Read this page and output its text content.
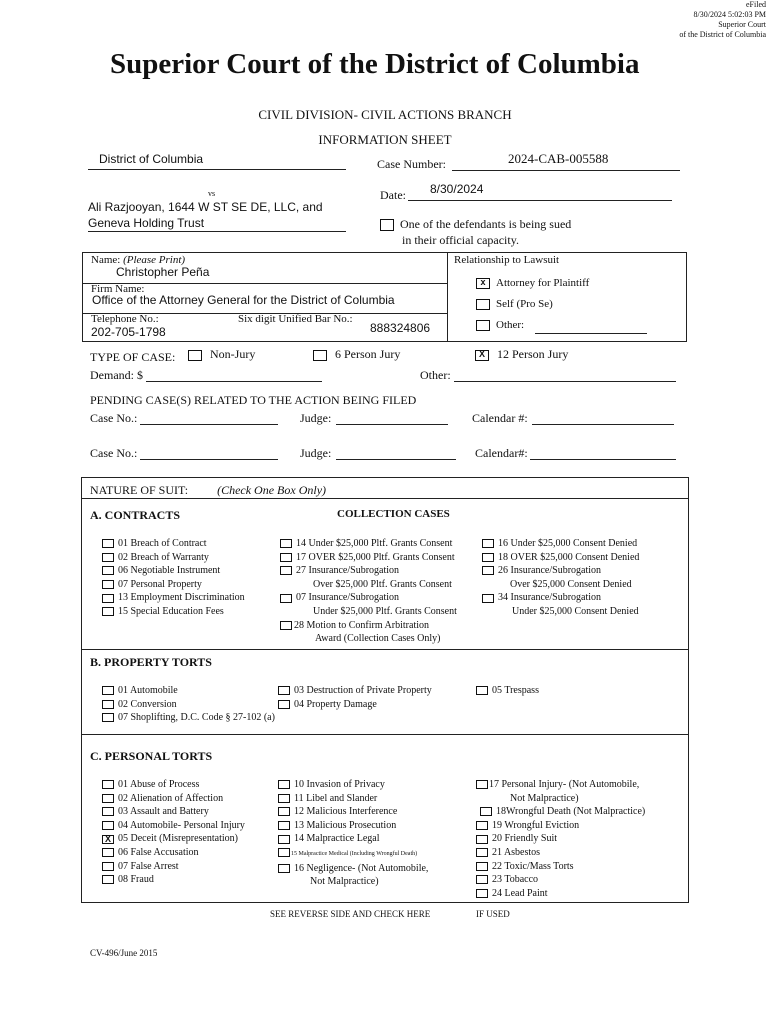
eFiled
8/30/2024 5:02:03 PM
Superior Court
of the District of Columbia
Superior Court of the District of Columbia
CIVIL DIVISION- CIVIL ACTIONS BRANCH
INFORMATION SHEET
District of Columbia	Case Number:	2024-CAB-005588
vs	Date: 8/30/2024
Ali Razjooyan, 1644 W ST SE DE, LLC, and
Geneva Holding Trust	One of the defendants is being sued
in their official capacity.
Name: (Please Print)
Christopher Peña
Firm Name:
Office of the Attorney General for the District of Columbia
Telephone No.:
202-705-1798
Six digit Unified Bar No.:
888324806
Relationship to Lawsuit
x Attorney for Plaintiff
Self (Pro Se)
Other:
TYPE OF CASE:	Non-Jury	6 Person Jury	X 12 Person Jury
Demand: $	Other:
PENDING CASE(S) RELATED TO THE ACTION BEING FILED
Case No.:	Judge:	Calendar #:
Case No.:	Judge:	Calendar#:
NATURE OF SUIT: (Check One Box Only)
A. CONTRACTS	COLLECTION CASES
01 Breach of Contract
02 Breach of Warranty
06 Negotiable Instrument
07 Personal Property
13 Employment Discrimination
15 Special Education Fees
14 Under $25,000 Pltf. Grants Consent
17 OVER $25,000 Pltf. Grants Consent
27 Insurance/Subrogation
Over $25,000 Pltf. Grants Consent
07 Insurance/Subrogation
Under $25,000 Pltf. Grants Consent
28 Motion to Confirm Arbitration
Award (Collection Cases Only)
16 Under $25,000 Consent Denied
18 OVER $25,000 Consent Denied
26 Insurance/Subrogation
Over $25,000 Consent Denied
34 Insurance/Subrogation
Under $25,000 Consent Denied
B. PROPERTY TORTS
01 Automobile
02 Conversion
07 Shoplifting, D.C. Code § 27-102 (a)
03 Destruction of Private Property
04 Property Damage
05 Trespass
C. PERSONAL TORTS
01 Abuse of Process
02 Alienation of Affection
03 Assault and Battery
04 Automobile- Personal Injury
X 05 Deceit (Misrepresentation)
06 False Accusation
07 False Arrest
08 Fraud
10 Invasion of Privacy
11 Libel and Slander
12 Malicious Interference
13 Malicious Prosecution
14 Malpractice Legal
15 Malpractice Medical (Including Wrongful Death)
16 Negligence- (Not Automobile,
Not Malpractice)
17 Personal Injury- (Not Automobile,
Not Malpractice)
18Wrongful Death (Not Malpractice)
19 Wrongful Eviction
20 Friendly Suit
21 Asbestos
22 Toxic/Mass Torts
23 Tobacco
24 Lead Paint
SEE REVERSE SIDE AND CHECK HERE	IF USED
CV-496/June 2015
